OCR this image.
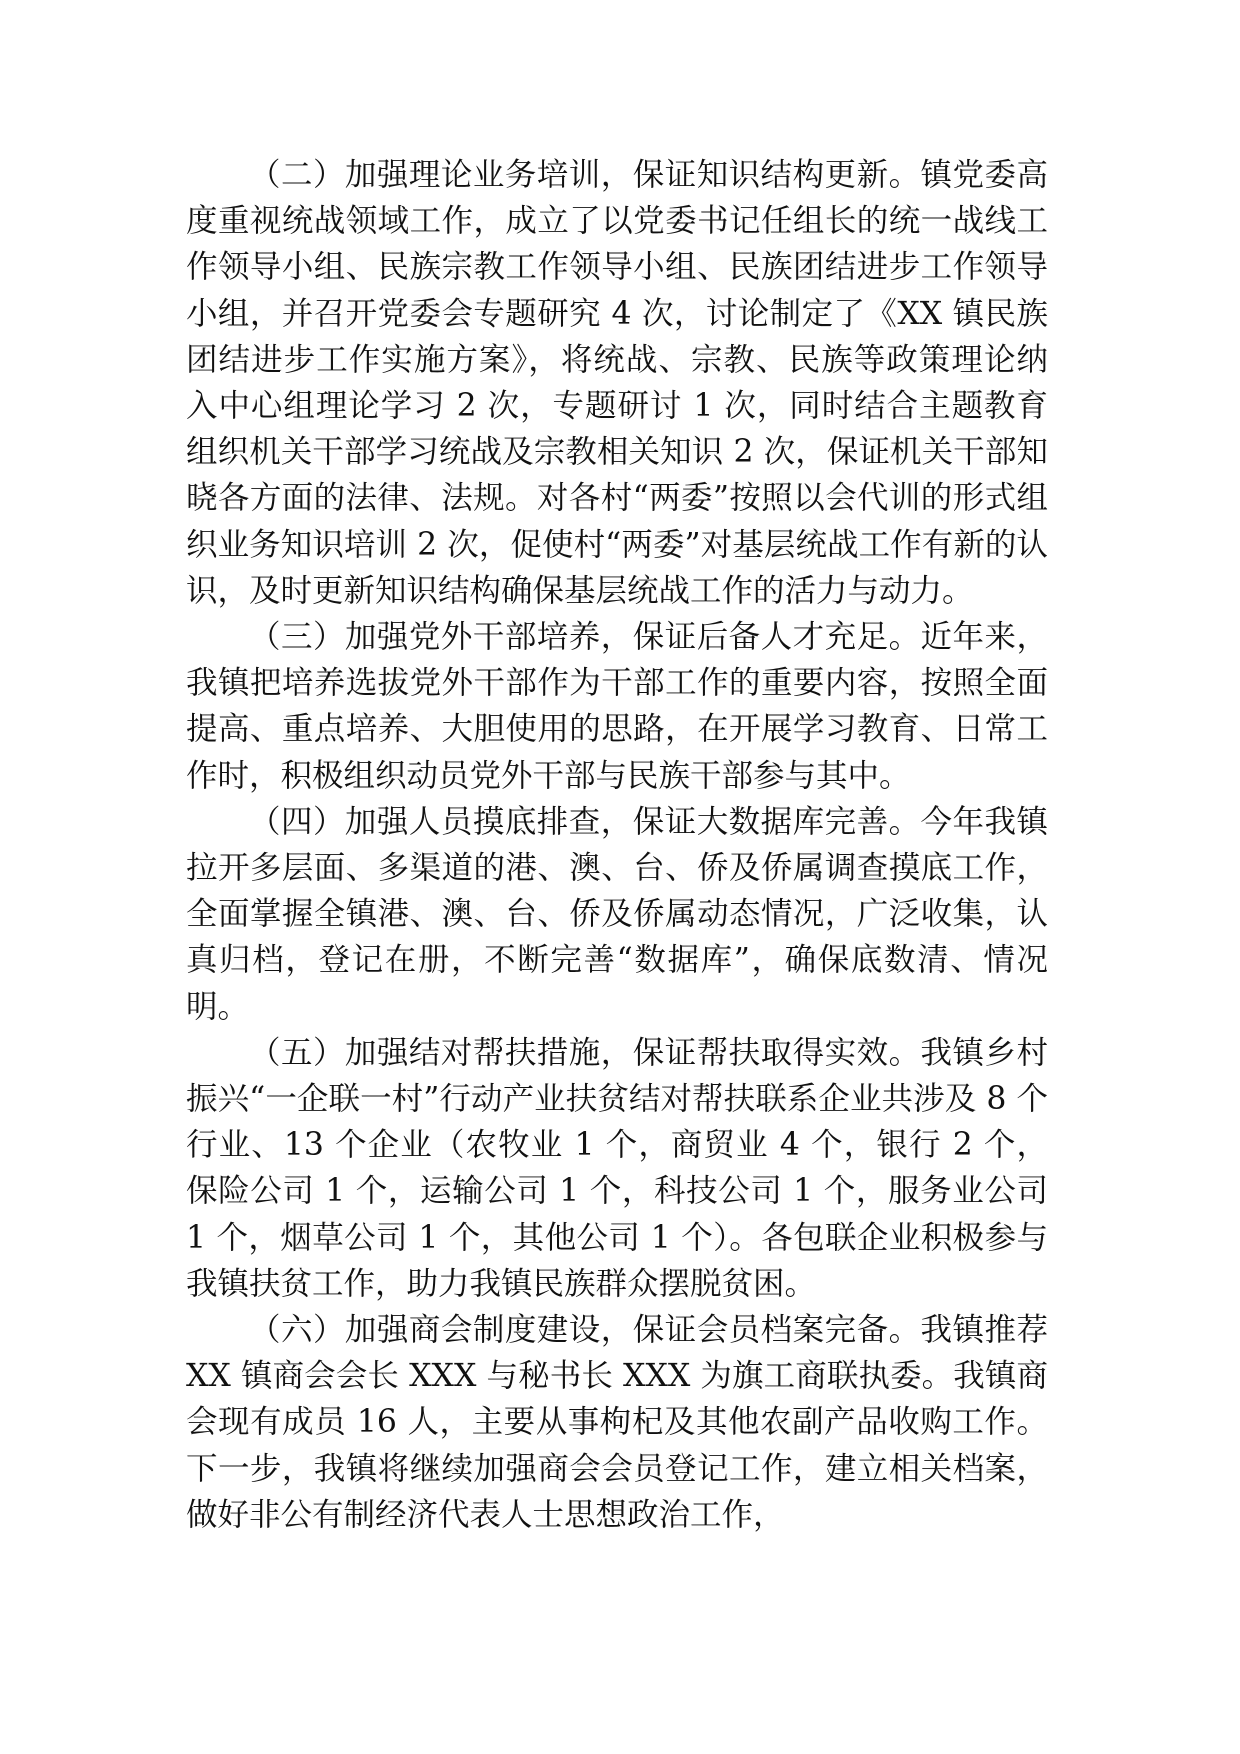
（二）加强理论业务培训，保证知识结构更新。镇党委高度重视统战领域工作，成立了以党委书记任组长的统一战线工作领导小组、民族宗教工作领导小组、民族团结进步工作领导小组，并召开党委会专题研究 4 次，讨论制定了《XX 镇民族团结进步工作实施方案》，将统战、宗教、民族等政策理论纳入中心组理论学习 2 次，专题研讨 1 次，同时结合主题教育组织机关干部学习统战及宗教相关知识 2 次，保证机关干部知晓各方面的法律、法规。对各村“两委”按照以会代训的形式组织业务知识培训 2 次，促使村“两委”对基层统战工作有新的认识，及时更新知识结构确保基层统战工作的活力与动力。

（三）加强党外干部培养，保证后备人才充足。近年来，我镇把培养选拔党外干部作为干部工作的重要内容，按照全面提高、重点培养、大胆使用的思路，在开展学习教育、日常工作时，积极组织动员党外干部与民族干部参与其中。

（四）加强人员摸底排查，保证大数据库完善。今年我镇拉开多层面、多渠道的港、澳、台、侨及侨属调查摸底工作，全面掌握全镇港、澳、台、侨及侨属动态情况，广泛收集，认真归档，登记在册，不断完善“数据库”，确保底数清、情况明。

（五）加强结对帮扶措施，保证帮扶取得实效。我镇乡村振兴“一企联一村”行动产业扶贫结对帮扶联系企业共涉及 8 个行业、13 个企业（农牧业 1 个，商贸业 4 个，银行 2 个，保险公司 1 个，运输公司 1 个，科技公司 1 个，服务业公司 1 个，烟草公司 1 个，其他公司 1 个）。各包联企业积极参与我镇扶贫工作，助力我镇民族群众摆脱贫困。

（六）加强商会制度建设，保证会员档案完备。我镇推荐 XX 镇商会会长 XXX 与秘书长 XXX 为旗工商联执委。我镇商会现有成员 16 人，主要从事枸杞及其他农副产品收购工作。下一步，我镇将继续加强商会会员登记工作，建立相关档案，做好非公有制经济代表人士思想政治工作，
